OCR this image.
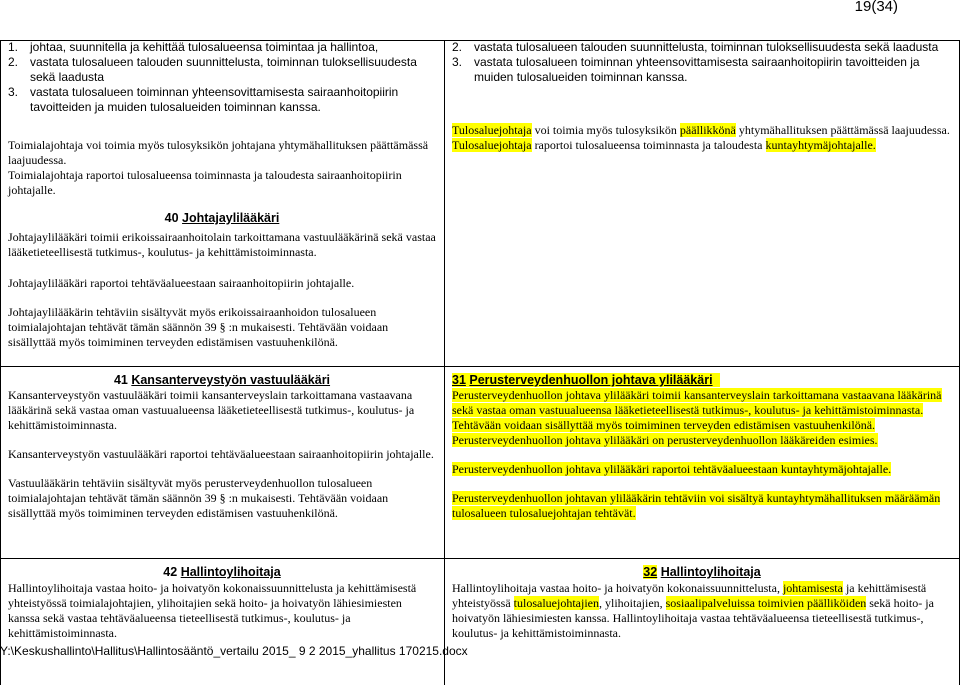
19(34)
1. johtaa, suunnitella ja kehittää tulosalueensa toimintaa ja hallintoa,
2. vastata tulosalueen talouden suunnittelusta, toiminnan tuloksellisuudesta sekä laadusta
3. vastata tulosalueen toiminnan yhteensovittamisesta sairaanhoitopiirin tavoitteiden ja muiden tulosalueiden toiminnan kanssa.

Toimialajohtaja voi toimia myös tulosyksikön johtajana yhtymähallituksen päättämässä laajuudessa.

Toimialajohtaja raportoi tulosalueensa toiminnasta ja taloudesta sairaanhoitopiirin johtajalle.

40 Johtajaylilääkäri

Johtajaylilääkäri toimii erikoissairaanhoitolain tarkoittamana vastuulääkärinä sekä vastaa lääketieteellisestä tutkimus-, koulutus- ja kehittämistoiminnasta.

Johtajaylilääkäri raportoi tehtäväalueestaan sairaanhoitopiirin johtajalle.

Johtajaylilääkärin tehtäviin sisältyvät myös erikoissairaanhoidon tulosalueen toimialajohtajan tehtävät tämän säännön 39 § :n mukaisesti. Tehtävään voidaan sisällyttää myös toimiminen terveyden edistämisen vastuuhenkilönä.

2. vastata tulosalueen talouden suunnittelusta, toiminnan tuloksellisuudesta sekä laadusta
3. vastata tulosalueen toiminnan yhteensovittamisesta sairaanhoitopiirin tavoitteiden ja muiden tulosalueiden toiminnan kanssa.

Tulosaluejohtaja voi toimia myös tulosyksikön päällikkönä yhtymähallituksen päättämässä laajuudessa.

Tulosaluejohtaja raportoi tulosalueensa toiminnasta ja taloudesta kuntayhtymäjohtajalle.

41 Kansanterveystyön vastuulääkäri

Kansanterveystyön vastuulääkäri toimii kansanterveyslain tarkoittamana vastaavana lääkärinä sekä vastaa oman vastuualueensa lääketieteellisestä tutkimus-, koulutus- ja kehittämistoiminnasta.

Kansanterveystyön vastuulääkäri raportoi tehtäväalueestaan sairaanhoitopiirin johtajalle.

Vastuulääkärin tehtäviin sisältyvät myös perusterveydenhuollon tulosalueen toimialajohtajan tehtävät tämän säännön 39 § :n mukaisesti. Tehtävään voidaan sisällyttää myös toimiminen terveyden edistämisen vastuuhenkilönä.

31 Perusterveydenhuollon johtava ylilääkäri

Perusterveydenhuollon johtava ylilääkäri toimii kansanterveyslain tarkoittamana vastaavana lääkärinä sekä vastaa oman vastuualueensa lääketieteellisestä tutkimus-, koulutus- ja kehittämistoiminnasta. Tehtävään voidaan sisällyttää myös toimiminen terveyden edistämisen vastuuhenkilönä. Perusterveydenhuollon johtava ylilääkäri on perusterveydenhuollon lääkäreiden esimies.

Perusterveydenhuollon johtava ylilääkäri raportoi tehtäväalueestaan kuntayhtymäjohtajalle.

Perusterveydenhuollon johtavan ylilääkärin tehtäviin voi sisältyä kuntayhtymähallituksen määräämän tulosalueen tulosaluejohtajan tehtävät.

42 Hallintoylihoitaja

Hallintoylihoitaja vastaa hoito- ja hoivatyön kokonaissuunnittelusta ja kehittämisestä yhteistyössä toimialajohtajien, ylihoitajien sekä hoito- ja hoivatyön lähiesimiesten kanssa sekä vastaa tehtäväalueensa tieteellisestä tutkimus-, koulutus- ja kehittämistoiminnasta.

32 Hallintoylihoitaja

Hallintoylihoitaja vastaa hoito- ja hoivatyön kokonaissuunnittelusta, johtamisesta ja kehittämisestä yhteistyössä tulosaluejohtajien, ylihoitajien, sosiaalipalveluissa toimivien päälliköiden sekä hoito- ja hoivatyön lähiesimiesten kanssa. Hallintoylihoitaja vastaa tehtäväalueensa tieteellisestä tutkimus-, koulutus- ja kehittämistoiminnasta.

Y:\Keskushallinto\Hallitus\Hallintosääntö_vertailu 2015_ 9 2 2015_yhallitus 170215.docx
